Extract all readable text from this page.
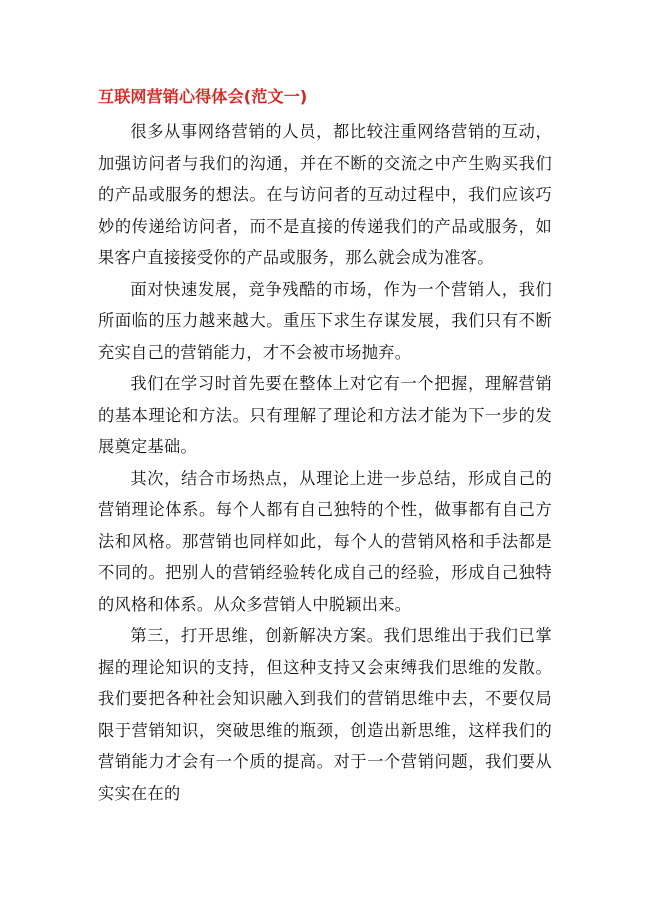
互联网营销心得体会(范文一)

很多从事网络营销的人员，都比较注重网络营销的互动，加强访问者与我们的沟通，并在不断的交流之中产生购买我们的产品或服务的想法。在与访问者的互动过程中，我们应该巧妙的传递给访问者，而不是直接的传递我们的产品或服务，如果客户直接接受你的产品或服务，那么就会成为准客。

面对快速发展，竞争残酷的市场，作为一个营销人，我们所面临的压力越来越大。重压下求生存谋发展，我们只有不断充实自己的营销能力，才不会被市场抛弃。

我们在学习时首先要在整体上对它有一个把握，理解营销的基本理论和方法。只有理解了理论和方法才能为下一步的发展奠定基础。

其次，结合市场热点，从理论上进一步总结，形成自己的营销理论体系。每个人都有自己独特的个性，做事都有自己方法和风格。那营销也同样如此，每个人的营销风格和手法都是不同的。把别人的营销经验转化成自己的经验，形成自己独特的风格和体系。从众多营销人中脱颖出来。

第三，打开思维，创新解决方案。我们思维出于我们已掌握的理论知识的支持，但这种支持又会束缚我们思维的发散。我们要把各种社会知识融入到我们的营销思维中去，不要仅局限于营销知识，突破思维的瓶颈，创造出新思维，这样我们的营销能力才会有一个质的提高。对于一个营销问题，我们要从实实在在的
